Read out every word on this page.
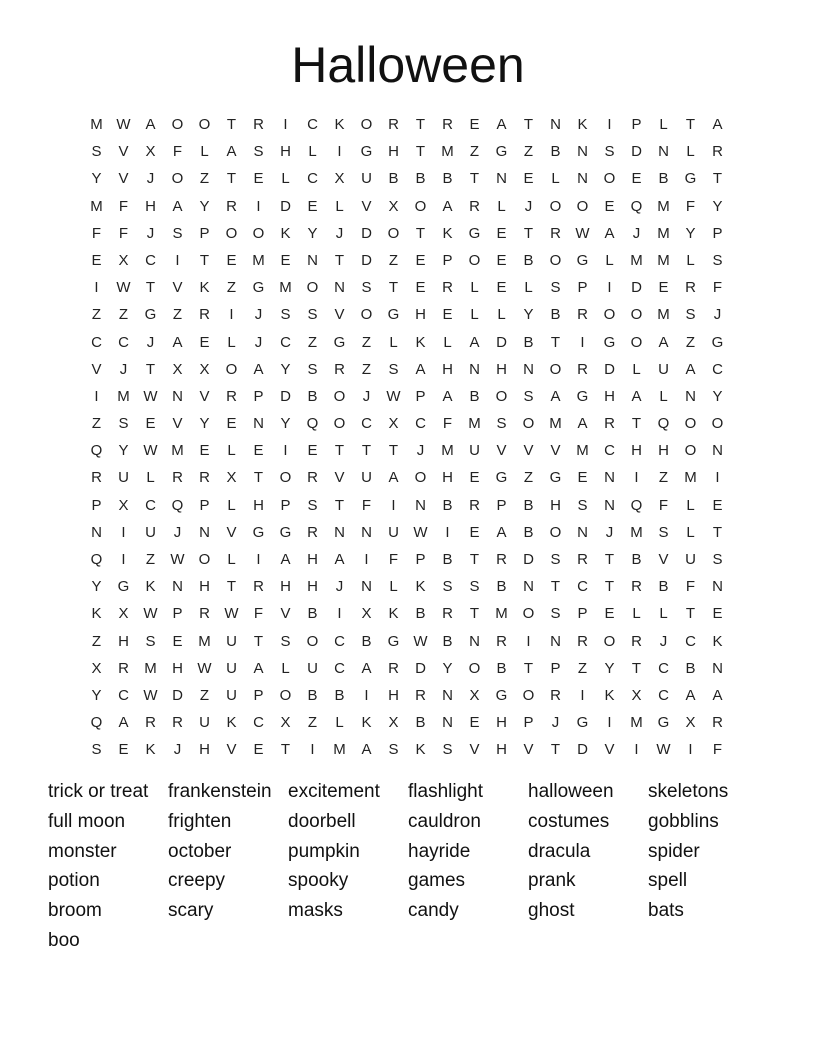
Halloween
M W A	O	O	T	R	I	C	K	O	R	T	R	E	A	T	N	K	I	P	L	T	A
S	V	X	F	L	A	S	H	L	I	G	H	T	M	Z	G	Z	B	N	S	D	N	L	R
Y	V	J	O	Z	T	E	L	C	X	U	B	B	B	T	N	E	L	N	O	E	B	G	T
M	F	H	A	Y	R	I	D	E	L	V	X	O	A	R	L	J	O	O	E	Q M	F	Y
F	F	J	S	P	O	O	K	Y	J	D	O	T	K	G	E	T	R W A	J	M	Y	P
E	X	C	I	T	E	M	E	N	T	D	Z	E	P	O	E	B	O	G	L	M M	L	S
I	W	T	V	K	Z	G M O	N	S	T	E	R	L	E	L	S	P	I	D	E	R	F
Z	Z	G	Z	R	I	J	S	S	V	O	G	H	E	L	L	Y	B	R	O	O M	S	J
C	C	J	A	E	L	J	C	Z	G	Z	L	K	L	A	D	B	T	I	G	O	A	Z	G
V	J	T	X	X	O	A	Y	S	R	Z	S	A	H	N	H	N	O	R	D	L	U	A	C
I	M W N	V	R	P	D	B	O	J	W P	A	B	O	S	A	G	H	A	L	N	Y
Z	S	E	V	Y	E	N	Y	Q	O	C	X	C	F	M	S	O M	A	R	T	Q	O	O
Q	Y W M	E	L	E	I	E	T	T	T	J	M	U	V	V	V	M	C	H	H	O	N
R	U	L	R	R	X	T	O	R	V	U	A	O	H	E	G	Z	G	E	N	I	Z	M	I
P	X	C	Q	P	L	H	P	S	T	F	I	N	B	R	P	B	H	S	N	Q	F	L	E
N	I	U	J	N	V	G	G	R	N	N	U W	I	E	A	B	O	N	J	M	S	L	T
Q	I	Z	W O	L	I	A	H	A	I	F	P	B	T	R	D	S	R	T	B	V	U	S
Y	G	K	N	H	T	R	H	H	J	N	L	K	S	S	B	N	T	C	T	R	B	F	N
K	X W P	R W	F	V	B	I	X	K	B	R	T	M O	S	P	E	L	L	T	E
Z	H	S	E	M	U	T	S	O	C	B	G W B	N	R	I	N	R	O	R	J	C	K
X	R	M	H W U	A	L	U	C	A	R	D	Y	O	B	T	P	Z	Y	T	C	B	N
Y	C W D	Z	U	P	O	B	B	I	H	R	N	X	G	O	R	I	K	X	C	A	A
Q	A	R	R	U	K	C	X	Z	L	K	X	B	N	E	H	P	J	G	I	M G	X	R
S	E	K	J	H	V	E	T	I	M	A	S	K	S	V	H	V	T	D	V	I	W	I	F
trick or treat	frankenstein excitement	flashlight	halloween	skeletons
full moon	frighten	doorbell	cauldron	costumes	gobblins
monster	october	pumpkin	hayride	dracula	spider
potion	creepy	spooky	games	prank	spell
broom	scary	masks	candy	ghost	bats
boo
